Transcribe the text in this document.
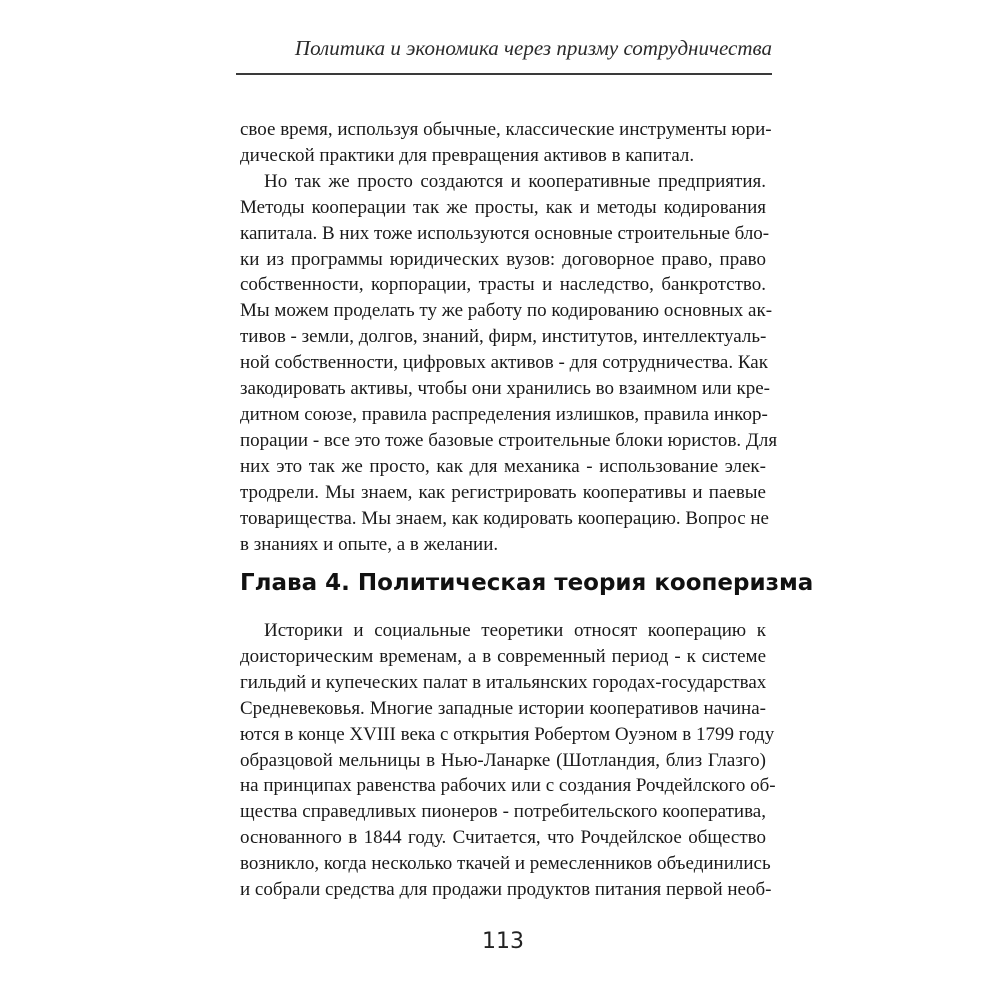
Политика и экономика через призму сотрудничества
свое время, используя обычные, классические инструменты юри-
дической практики для превращения активов в капитал.
Но так же просто создаются и кооперативные предприятия.
Методы кооперации так же просты, как и методы кодирования
капитала. В них тоже используются основные строительные бло-
ки из программы юридических вузов: договорное право, право
собственности, корпорации, трасты и наследство, банкротство.
Мы можем проделать ту же работу по кодированию основных ак-
тивов - земли, долгов, знаний, фирм, институтов, интеллектуаль-
ной собственности, цифровых активов - для сотрудничества. Как
закодировать активы, чтобы они хранились во взаимном или кре-
дитном союзе, правила распределения излишков, правила инкор-
порации - все это тоже базовые строительные блоки юристов. Для
них это так же просто, как для механика - использование элек-
тродрели. Мы знаем, как регистрировать кооперативы и паевые
товарищества. Мы знаем, как кодировать кооперацию. Вопрос не
в знаниях и опыте, а в желании.
Глава 4. Политическая теория кооперизма
Историки и социальные теоретики относят кооперацию к
доисторическим временам, а в современный период - к системе
гильдий и купеческих палат в итальянских городах-государствах
Средневековья. Многие западные истории кооперативов начина-
ются в конце XVIII века с открытия Робертом Оуэном в 1799 году
образцовой мельницы в Нью-Ланарке (Шотландия, близ Глазго)
на принципах равенства рабочих или с создания Рочдейлского об-
щества справедливых пионеров - потребительского кооператива,
основанного в 1844 году. Считается, что Рочдейлское общество
возникло, когда несколько ткачей и ремесленников объединились
и собрали средства для продажи продуктов питания первой необ-
113
